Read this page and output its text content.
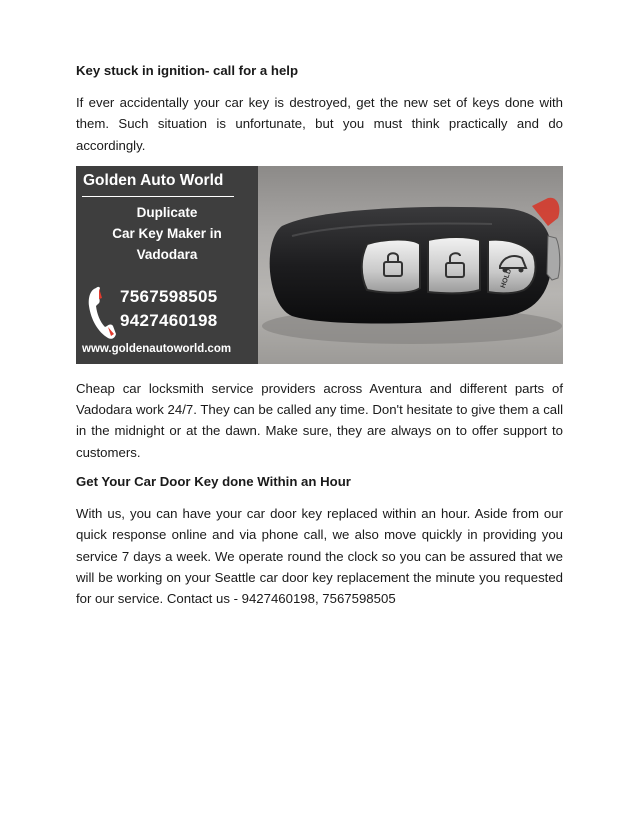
Key stuck in ignition- call for a help

If ever accidentally your car key is destroyed, get the new set of keys done with them. Such situation is unfortunate, but you must think practically and do accordingly.

Golden Auto World
Duplicate
Car Key Maker in
Vadodara
7567598505
9427460198
www.goldenautoworld.com
HOLD

Cheap car locksmith service providers across Aventura and different parts of Vadodara work 24/7. They can be called any time. Don't hesitate to give them a call in the midnight or at the dawn. Make sure, they are always on to offer support to customers.

Get Your Car Door Key done Within an Hour

With us, you can have your car door key replaced within an hour. Aside from our quick response online and via phone call, we also move quickly in providing you service 7 days a week. We operate round the clock so you can be assured that we will be working on your Seattle car door key replacement the minute you requested for our service. Contact us - 9427460198, 7567598505
